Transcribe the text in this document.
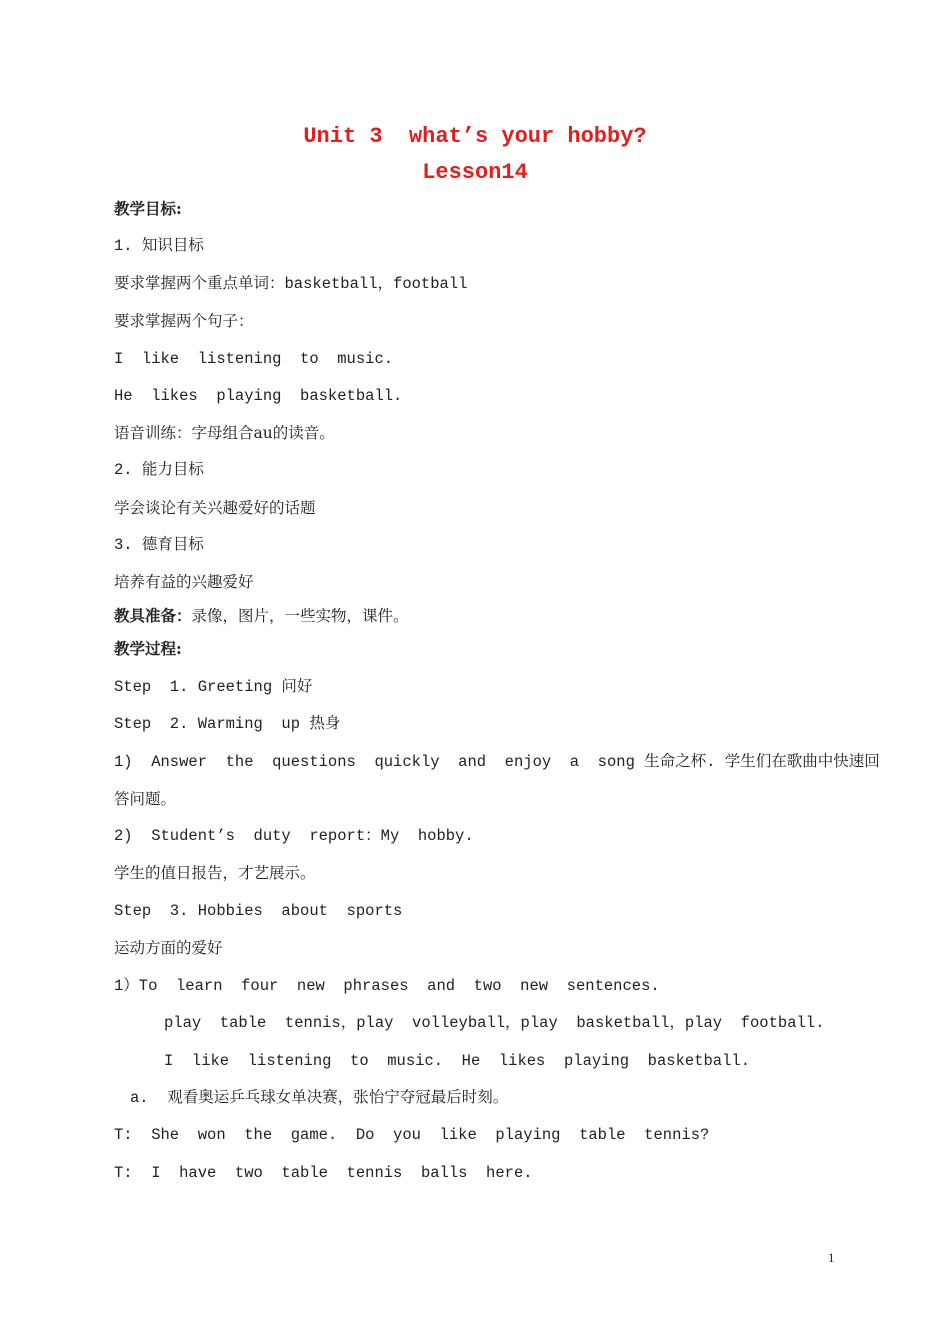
Unit 3  what’s your hobby?
Lesson14
教学目标:
1. 知识目标
要求掌握两个重点单词：basketball，football
要求掌握两个句子：
I  like  listening  to  music.
He  likes  playing  basketball.
语音训练：字母组合au的读音。
2. 能力目标
学会谈论有关兴趣爱好的话题
3. 德育目标
培养有益的兴趣爱好
教具准备：录像，图片，一些实物，课件。
教学过程:
Step  1. Greeting 问好
Step  2. Warming  up 热身
1)  Answer  the  questions  quickly  and  enjoy  a  song 生命之杯. 学生们在歌曲中快速回
答问题。
2)  Student’s  duty  report：My  hobby.
学生的值日报告，才艺展示。
Step  3. Hobbies  about  sports
运动方面的爱好
1）To  learn  four  new  phrases  and  two  new  sentences.
play  table  tennis，play  volleyball，play  basketball，play  football.
I  like  listening  to  music.  He  likes  playing  basketball.
a.  观看奥运乒乓球女单决赛，张怡宁夺冠最后时刻。
T:  She  won  the  game.  Do  you  like  playing  table  tennis?
T:  I  have  two  table  tennis  balls  here.
1
